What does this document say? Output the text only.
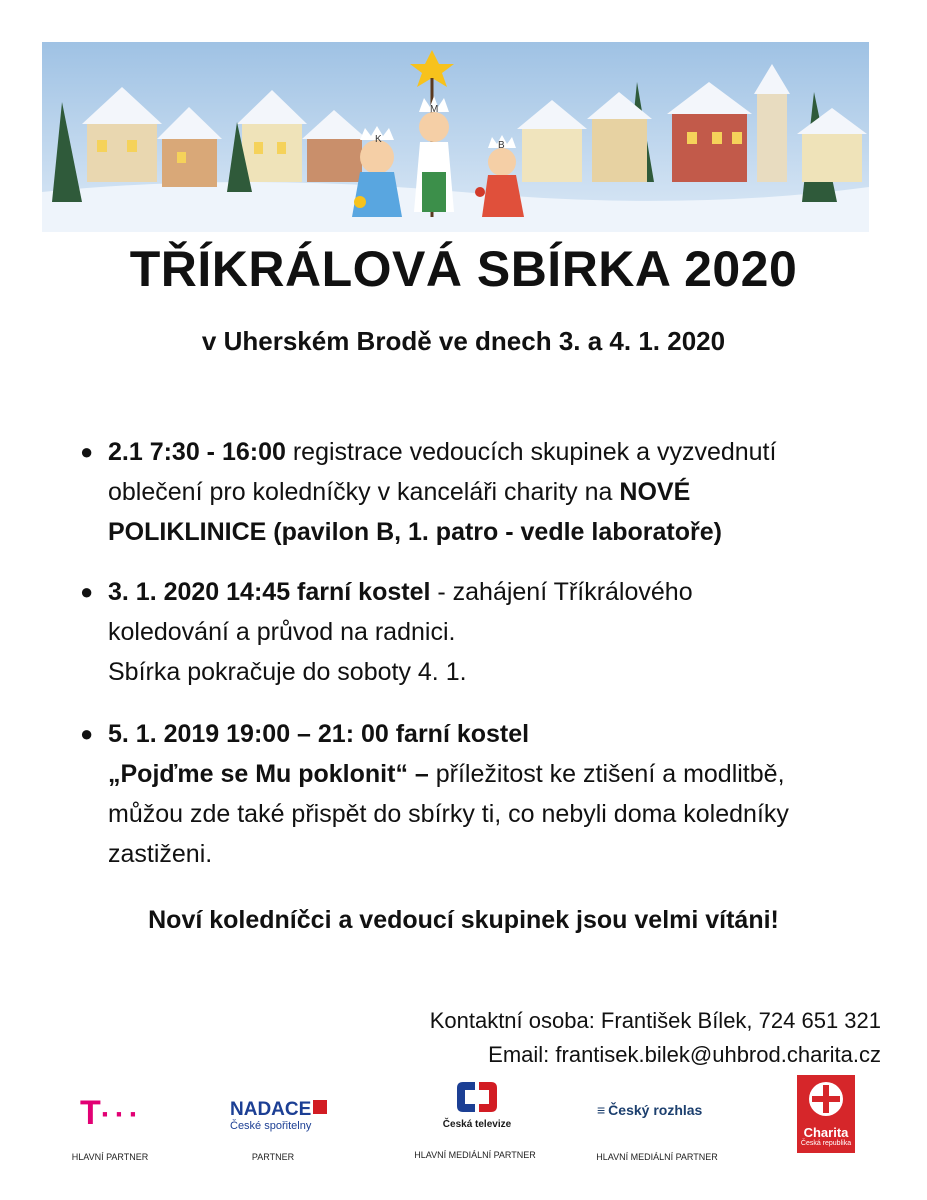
K
M
B
TŘÍKRÁLOVÁ SBÍRKA 2020
v Uherském Brodě ve dnech 3. a 4. 1. 2020
● 2.1 7:30 - 16:00 registrace vedoucích skupinek a vyzvednutí
oblečení pro koledníčky v kanceláři charity na NOVÉ
POLIKLINICE (pavilon B, 1. patro - vedle laboratoře)
● 3. 1. 2020 14:45 farní kostel - zahájení Tříkrálového
koledování a průvod na radnici.
Sbírka pokračuje do soboty 4. 1.
● 5. 1. 2019 19:00 – 21: 00 farní kostel
„Pojďme se Mu poklonit“ – příležitost ke ztišení a modlitbě,
můžou zde také přispět do sbírky ti, co nebyli doma koledníky
zastiženi.

Noví koledníčci a vedoucí skupinek jsou velmi vítáni!

Kontaktní osoba: František Bílek, 724 651 321
Email: frantisek.bilek@uhbrod.charita.cz
T···
HLAVNÍ PARTNER
NADACE
České spořitelny
PARTNER
Česká televize
HLAVNÍ MEDIÁLNÍ PARTNER
≡ Český rozhlas
HLAVNÍ MEDIÁLNÍ PARTNER
Charita
Česká republika
